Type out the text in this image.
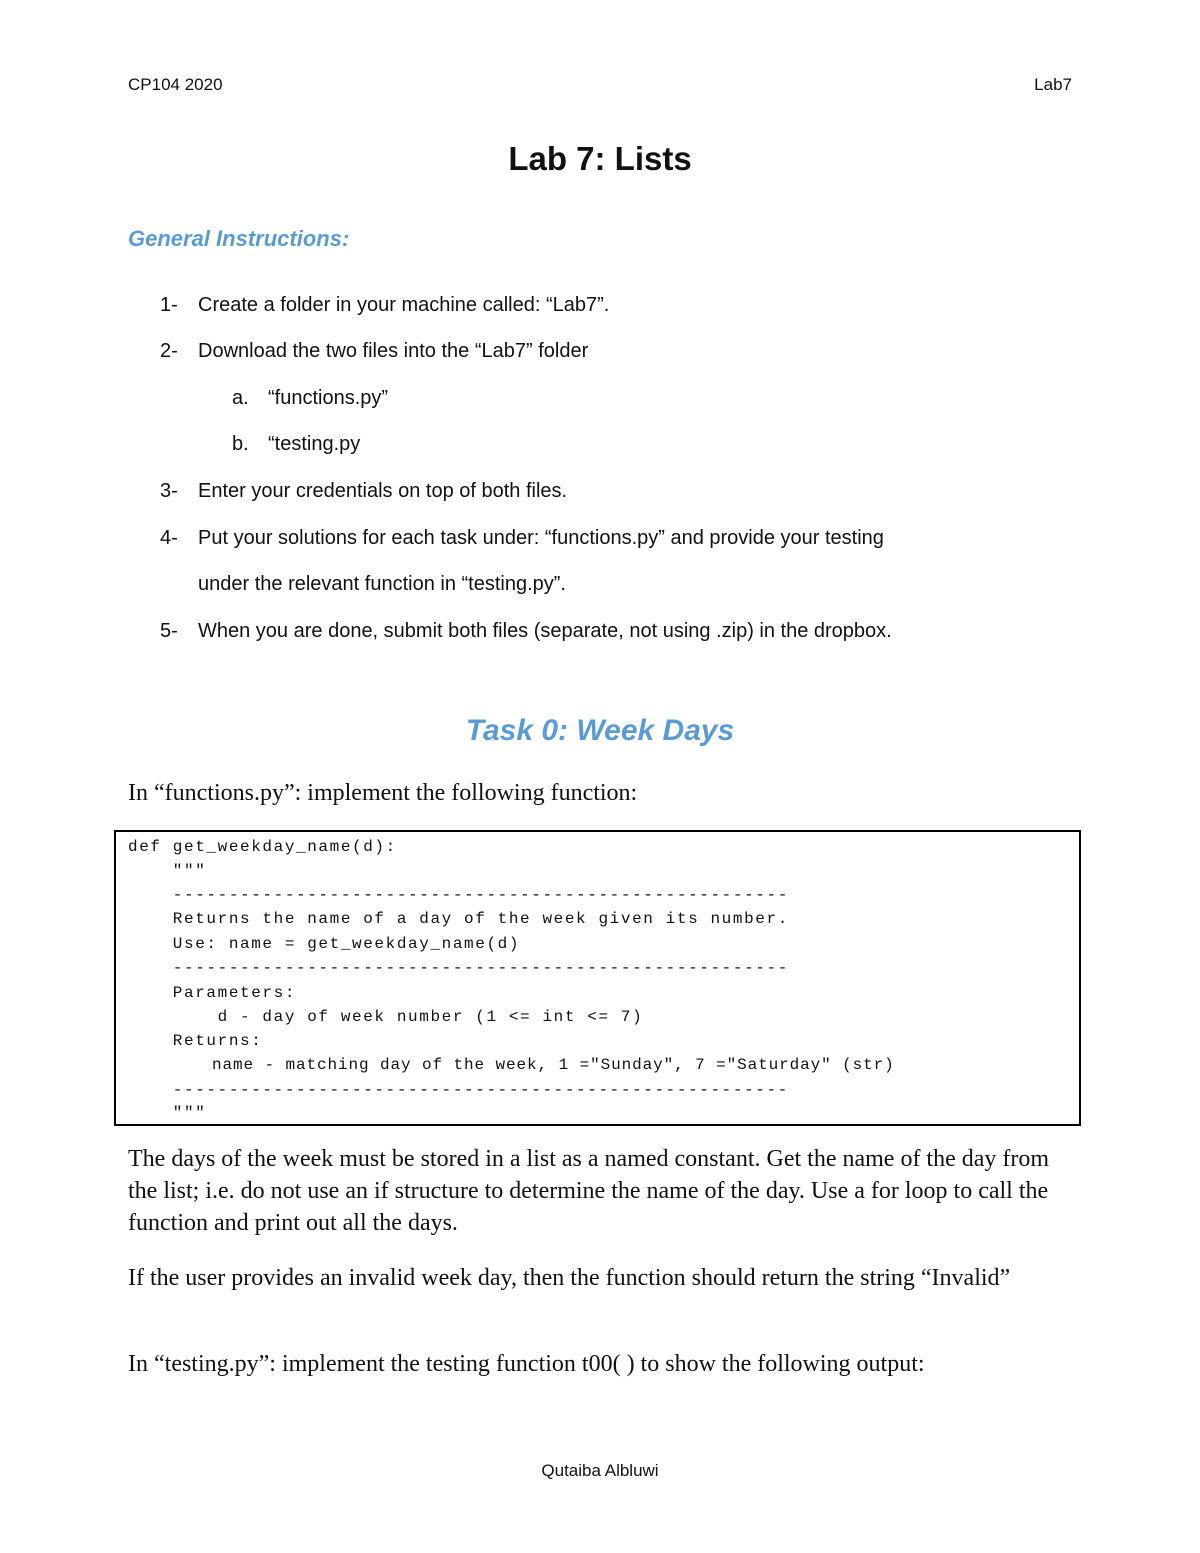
CP104 2020	Lab7
Lab 7: Lists
General Instructions:
1-	Create a folder in your machine called: “Lab7”.
2-	Download the two files into the “Lab7” folder
a. “functions.py”
b. “testing.py
3-	Enter your credentials on top of both files.
4-	Put your solutions for each task under: “functions.py” and provide your testing
under the relevant function in “testing.py”.
5-	When you are done, submit both files (separate, not using .zip) in the dropbox.
Task 0: Week Days
In “functions.py”: implement the following function:
def get_weekday_name(d):
"""
-------------------------------------------------------
Returns the name of a day of the week given its number.
Use: name = get_weekday_name(d)
-------------------------------------------------------
Parameters:
d - day of week number (1 <= int <= 7)
Returns:
name - matching day of the week, 1 ="Sunday", 7 ="Saturday" (str)
-------------------------------------------------------
"""
The days of the week must be stored in a list as a named constant. Get the name of the day from the list; i.e. do not use an if structure to determine the name of the day. Use a for loop to call the function and print out all the days.
If the user provides an invalid week day, then the function should return the string “Invalid”
In “testing.py”: implement the testing function t00( ) to show the following output:
Qutaiba Albluwi
